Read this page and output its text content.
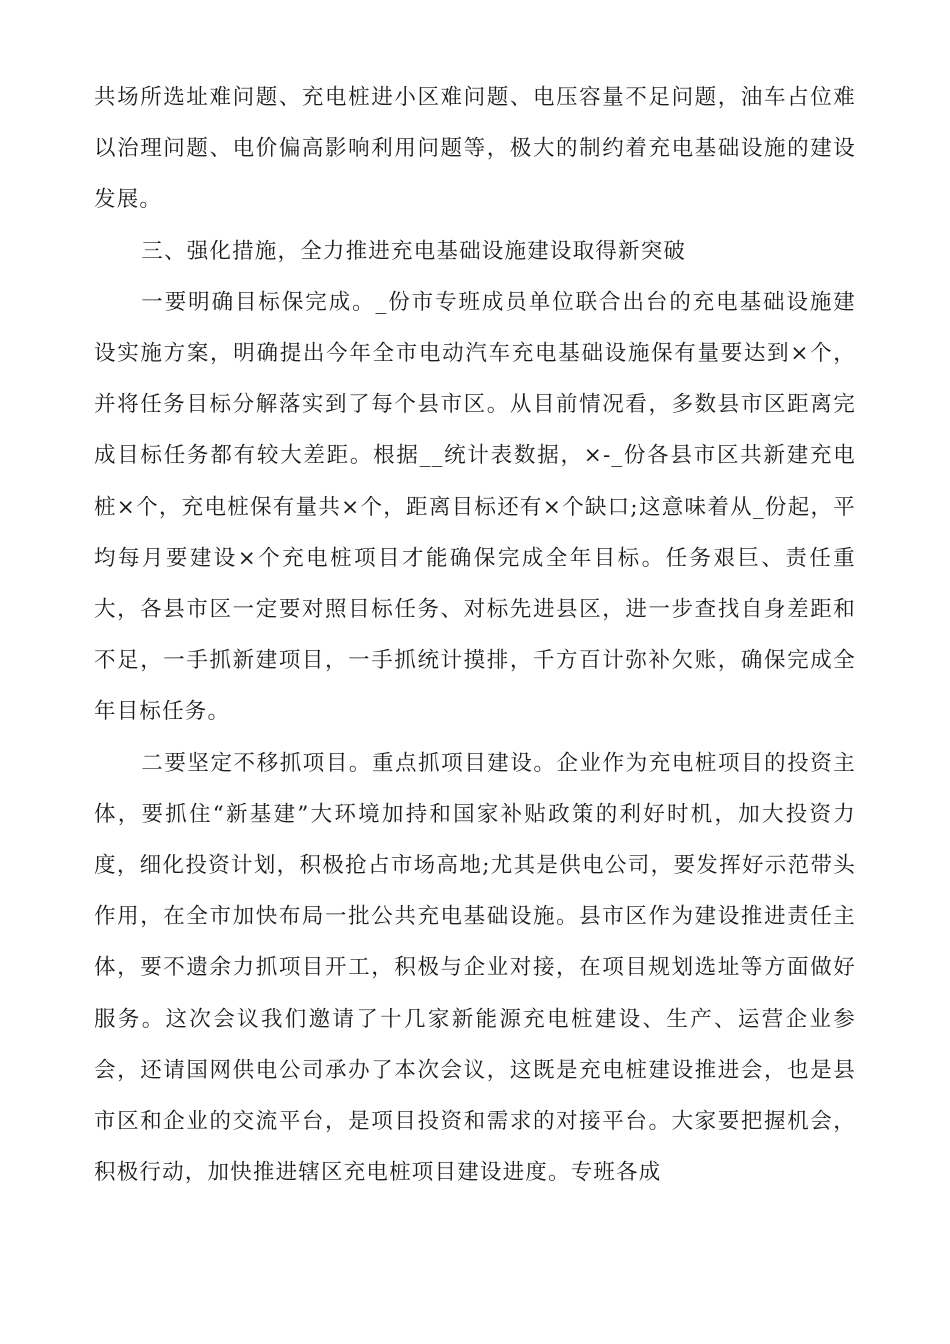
共场所选址难问题、充电桩进小区难问题、电压容量不足问题，油车占位难以治理问题、电价偏高影响利用问题等，极大的制约着充电基础设施的建设发展。

三、强化措施，全力推进充电基础设施建设取得新突破

一要明确目标保完成。_份市专班成员单位联合出台的充电基础设施建设实施方案，明确提出今年全市电动汽车充电基础设施保有量要达到×个，并将任务目标分解落实到了每个县市区。从目前情况看，多数县市区距离完成目标任务都有较大差距。根据__统计表数据，×-_份各县市区共新建充电桩×个，充电桩保有量共×个，距离目标还有×个缺口;这意味着从_份起，平均每月要建设×个充电桩项目才能确保完成全年目标。任务艰巨、责任重大，各县市区一定要对照目标任务、对标先进县区，进一步查找自身差距和不足，一手抓新建项目，一手抓统计摸排，千方百计弥补欠账，确保完成全年目标任务。

二要坚定不移抓项目。重点抓项目建设。企业作为充电桩项目的投资主体，要抓住“新基建”大环境加持和国家补贴政策的利好时机，加大投资力度，细化投资计划，积极抢占市场高地;尤其是供电公司，要发挥好示范带头作用，在全市加快布局一批公共充电基础设施。县市区作为建设推进责任主体，要不遗余力抓项目开工，积极与企业对接，在项目规划选址等方面做好服务。这次会议我们邀请了十几家新能源充电桩建设、生产、运营企业参会，还请国网供电公司承办了本次会议，这既是充电桩建设推进会，也是县市区和企业的交流平台，是项目投资和需求的对接平台。大家要把握机会，积极行动，加快推进辖区充电桩项目建设进度。专班各成
